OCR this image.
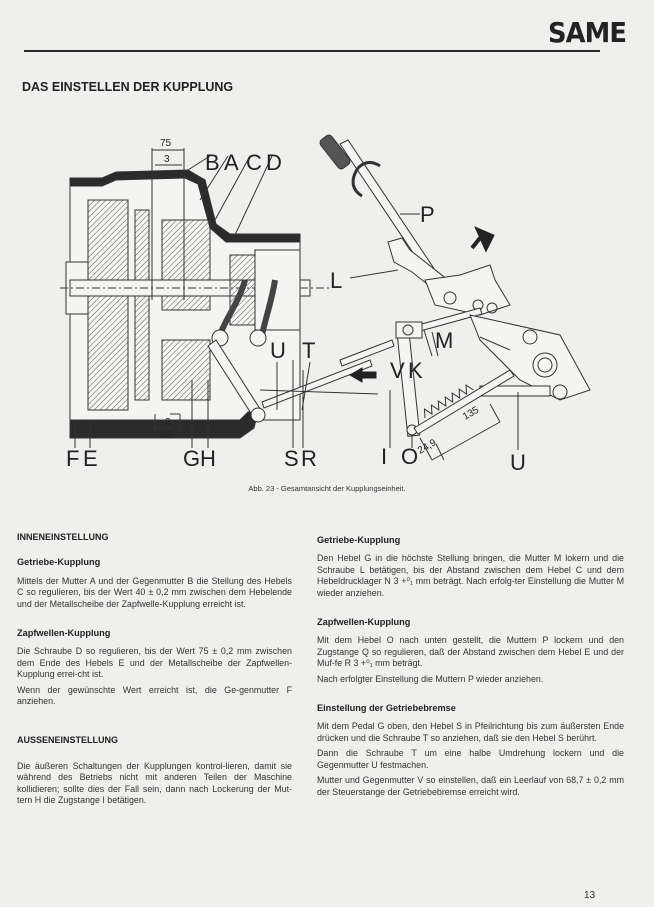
SAME
DAS EINSTELLEN DER KUPPLUNG
B A C D
P
L
M
U T
V K
F E	G H	S R	I O	U
75
3
3
40
135
24,9
Abb. 23 - Gesamtansicht der Kupplungseinheit.
INNENEINSTELLUNG
Getriebe-Kupplung

Mittels der Mutter A und der Gegenmutter B die Stellung des Hebels C so regulieren, bis der Wert 40 ± 0,2 mm zwischen dem Hebelende und der Metallscheibe der Zapfwelle-Kupplung erreicht ist.

Zapfwellen-Kupplung

Die Schraube D so regulieren, bis der Wert 75 ± 0,2 mm zwischen dem Ende des Hebels E und der Metallscheibe der Zapfwellen-Kupplung errei-cht ist.

Wenn der gewünschte Wert erreicht ist, die Ge-genmutter F anziehen.

AUSSENEINSTELLUNG

Die äußeren Schaltungen der Kupplungen kontrol-lieren, damit sie während des Betriebs nicht mit anderen Teilen der Maschine kollidieren; sollte dies der Fall sein, dann nach Lockerung der Mut-tern H die Zugstange I betätigen.

Getriebe-Kupplung

Den Hebel G in die höchste Stellung bringen, die Mutter M lokern und die Schraube L betätigen, bis der Abstand zwischen dem Hebel C und dem Hebeldrucklager N 3 +⁰₁ mm beträgt. Nach erfolg-ter Einstellung die Mutter M wieder anziehen.

Zapfwellen-Kupplung

Mit dem Hebel O nach unten gestellt, die Muttern P lockern und den Zugstange Q so regulieren, daß der Abstand zwischen dem Hebel E und der Muf-fe R 3 +⁰₁ mm beträgt.

Nach erfolgter Einstellung die Muttern P wieder anziehen.

Einstellung der Getriebebremse

Mit dem Pedal G oben, den Hebel S in Pfeilrichtung bis zum äußersten Ende drücken und die Schraube T so anziehen, daß sie den Hebel S berührt.

Dann die Schraube T um eine halbe Umdrehung lockern und die Gegenmutter U festmachen.

Mutter und Gegenmutter V so einstellen, daß ein Leerlauf von 68,7 ± 0,2 mm der Steuerstange der Getriebebremse erreicht wird.

13
